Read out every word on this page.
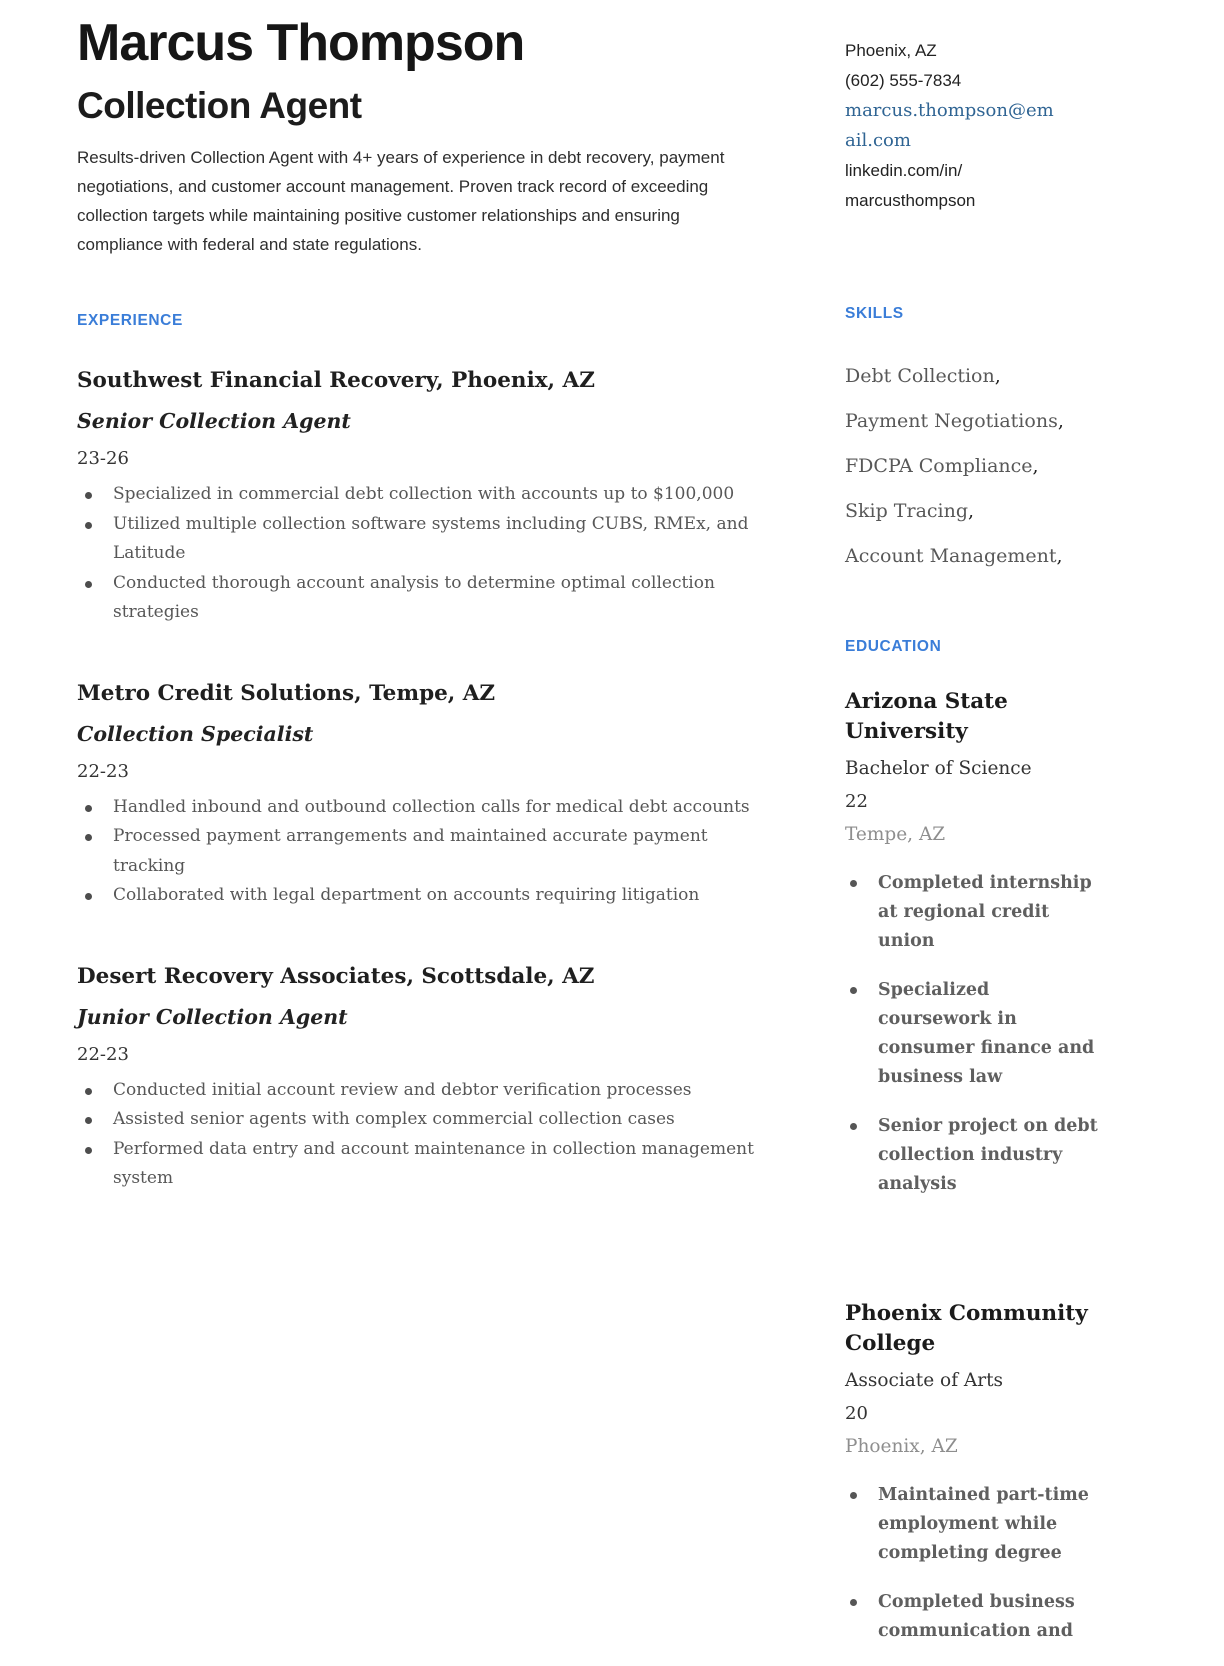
Marcus Thompson
Collection Agent

Results-driven Collection Agent with 4+ years of experience in debt recovery, payment negotiations, and customer account management. Proven track record of exceeding collection targets while maintaining positive customer relationships and ensuring compliance with federal and state regulations.

EXPERIENCE
Southwest Financial Recovery, Phoenix, AZ
Senior Collection Agent
23-26
Specialized in commercial debt collection with accounts up to $100,000
Utilized multiple collection software systems including CUBS, RMEx, and Latitude
Conducted thorough account analysis to determine optimal collection strategies
Metro Credit Solutions, Tempe, AZ
Collection Specialist
22-23
Handled inbound and outbound collection calls for medical debt accounts
Processed payment arrangements and maintained accurate payment tracking
Collaborated with legal department on accounts requiring litigation
Desert Recovery Associates, Scottsdale, AZ
Junior Collection Agent
22-23
Conducted initial account review and debtor verification processes
Assisted senior agents with complex commercial collection cases
Performed data entry and account maintenance in collection management system
Phoenix, AZ
(602) 555-7834
marcus.thompson@email.com
linkedin.com/in/
marcusthompson
SKILLS
Debt Collection,
Payment Negotiations,
FDCPA Compliance,
Skip Tracing,
Account Management,
EDUCATION
Arizona State University
Bachelor of Science
22
Tempe, AZ
Completed internship at regional credit union
Specialized coursework in consumer finance and business law
Senior project on debt collection industry analysis
Phoenix Community College
Associate of Arts
20
Phoenix, AZ
Maintained part-time employment while completing degree
Completed business communication and
